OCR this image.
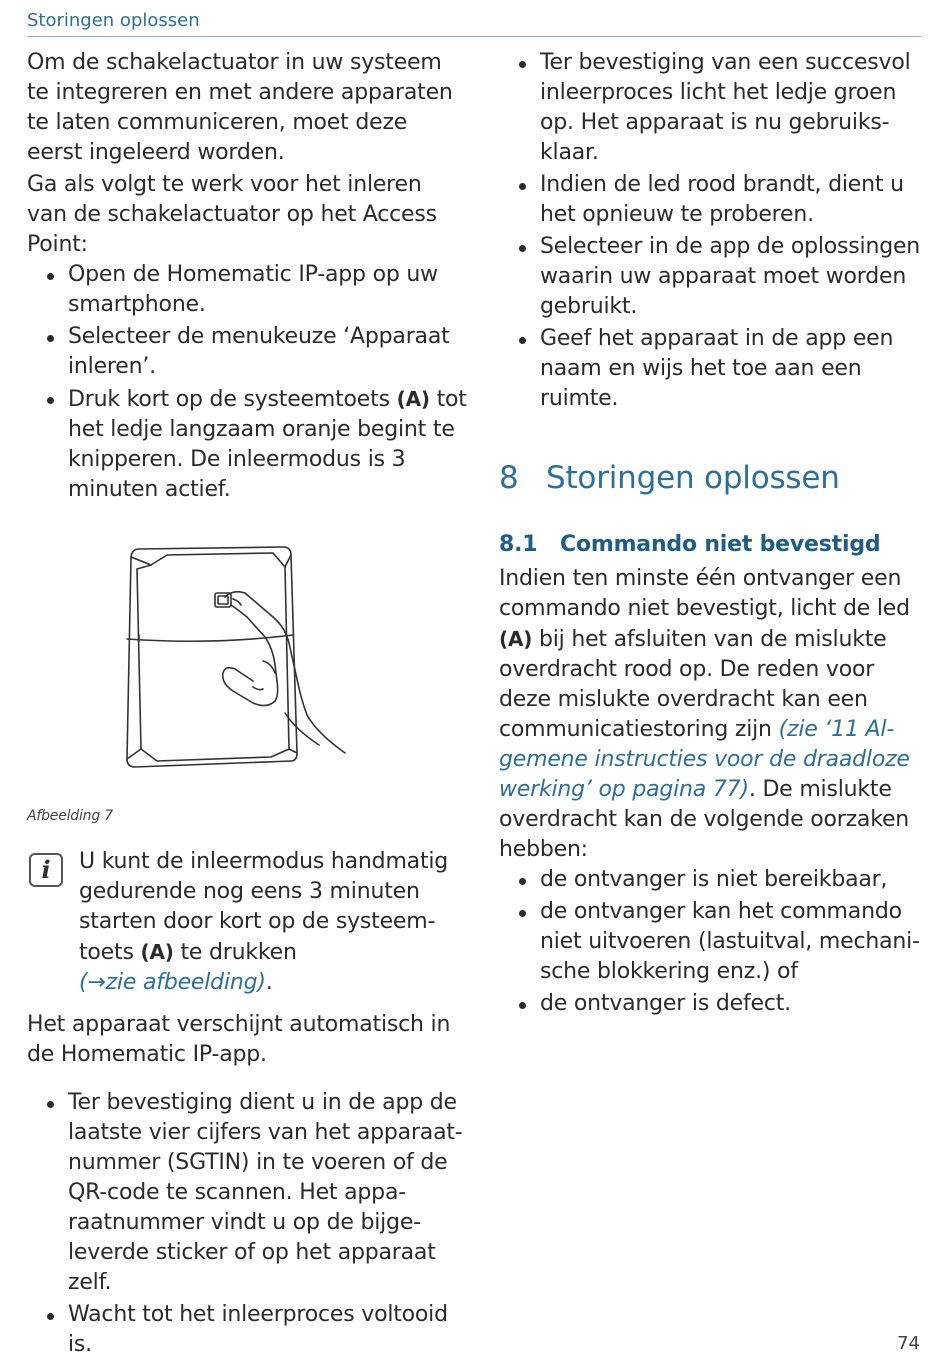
Storingen oplossen

Om de schakelactuator in uw systeem te integreren en met andere apparaten te laten communiceren, moet deze eerst ingeleerd worden.

Ga als volgt te werk voor het inleren van de schakelactuator op het Access Point:

Open de Homematic IP-app op uw smartphone.
Selecteer de menukeuze ‘Apparaat inleren’.
Druk kort op de systeemtoets (A) tot het ledje langzaam oranje begint te knipperen. De inleermodus is 3 minuten actief.

Afbeelding 7

i	U kunt de inleermodus handmatig gedurende nog eens 3 minuten starten door kort op de systeemtoets (A) te drukken
(→zie afbeelding).

Het apparaat verschijnt automatisch in de Homematic IP-app.

Ter bevestiging dient u in de app de laatste vier cijfers van het apparaatnummer (SGTIN) in te voeren of de QR-code te scannen. Het apparaatnummer vindt u op de bijgeleverde sticker of op het apparaat zelf.
Wacht tot het inleerproces voltooid is.
Ter bevestiging van een succesvol inleerproces licht het ledje groen op. Het apparaat is nu gebruiksklaar.
Indien de led rood brandt, dient u het opnieuw te proberen.
Selecteer in de app de oplossingen waarin uw apparaat moet worden gebruikt.
Geef het apparaat in de app een naam en wijs het toe aan een ruimte.
8 Storingen oplossen
8.1 Commando niet bevestigd

Indien ten minste één ontvanger een commando niet bevestigt, licht de led (A) bij het afsluiten van de mislukte overdracht rood op. De reden voor deze mislukte overdracht kan een communicatiestoring zijn (zie ‘11 Algemene instructies voor de draadloze werking’ op pagina 77). De mislukte overdracht kan de volgende oorzaken hebben:

de ontvanger is niet bereikbaar,
de ontvanger kan het commando niet uitvoeren (lastuitval, mechanische blokkering enz.) of
de ontvanger is defect.
74
